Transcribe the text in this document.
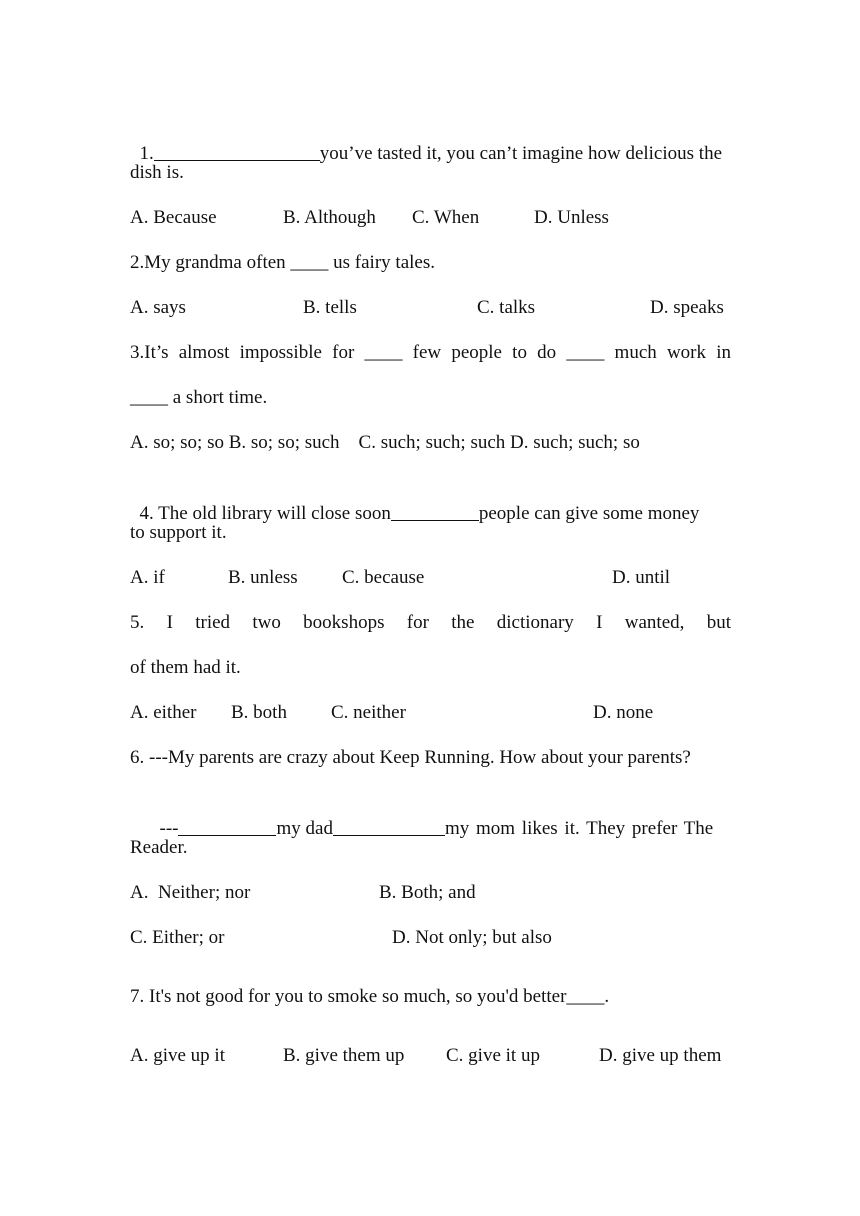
1.	you’ve tasted it, you can’t imagine how delicious the

dish is.

A. Because

	B. Although

C. When

	D. Unless

2.My grandma often ____ us fairy tales.

A. says

	B. tells

	C. talks

	D. speaks

3.It’s almost impossible for ____ few people to do ____ much work in
____ a short time.
A. so; so; so B. so; so; such    C. such; such; such D. such; such; so

4. The old library will close soon	people can give some money

to support it.

A. if

	B. unless

C. because

	D. until

5. I tried two bookshops for the dictionary I wanted, but
of them had it.

A. either

B. both

C. neither

	D. none

6. ---My parents are crazy about Keep Running. How about your parents?

---	my dad	my mom likes it. They prefer The

Reader.

A.  Neither; nor

	B. Both; and

C. Either; or

	D. Not only; but also

7. It's not good for you to smoke so much, so you'd better____.

A. give up it

	B. give them up

C. give it up

	D. give up them
